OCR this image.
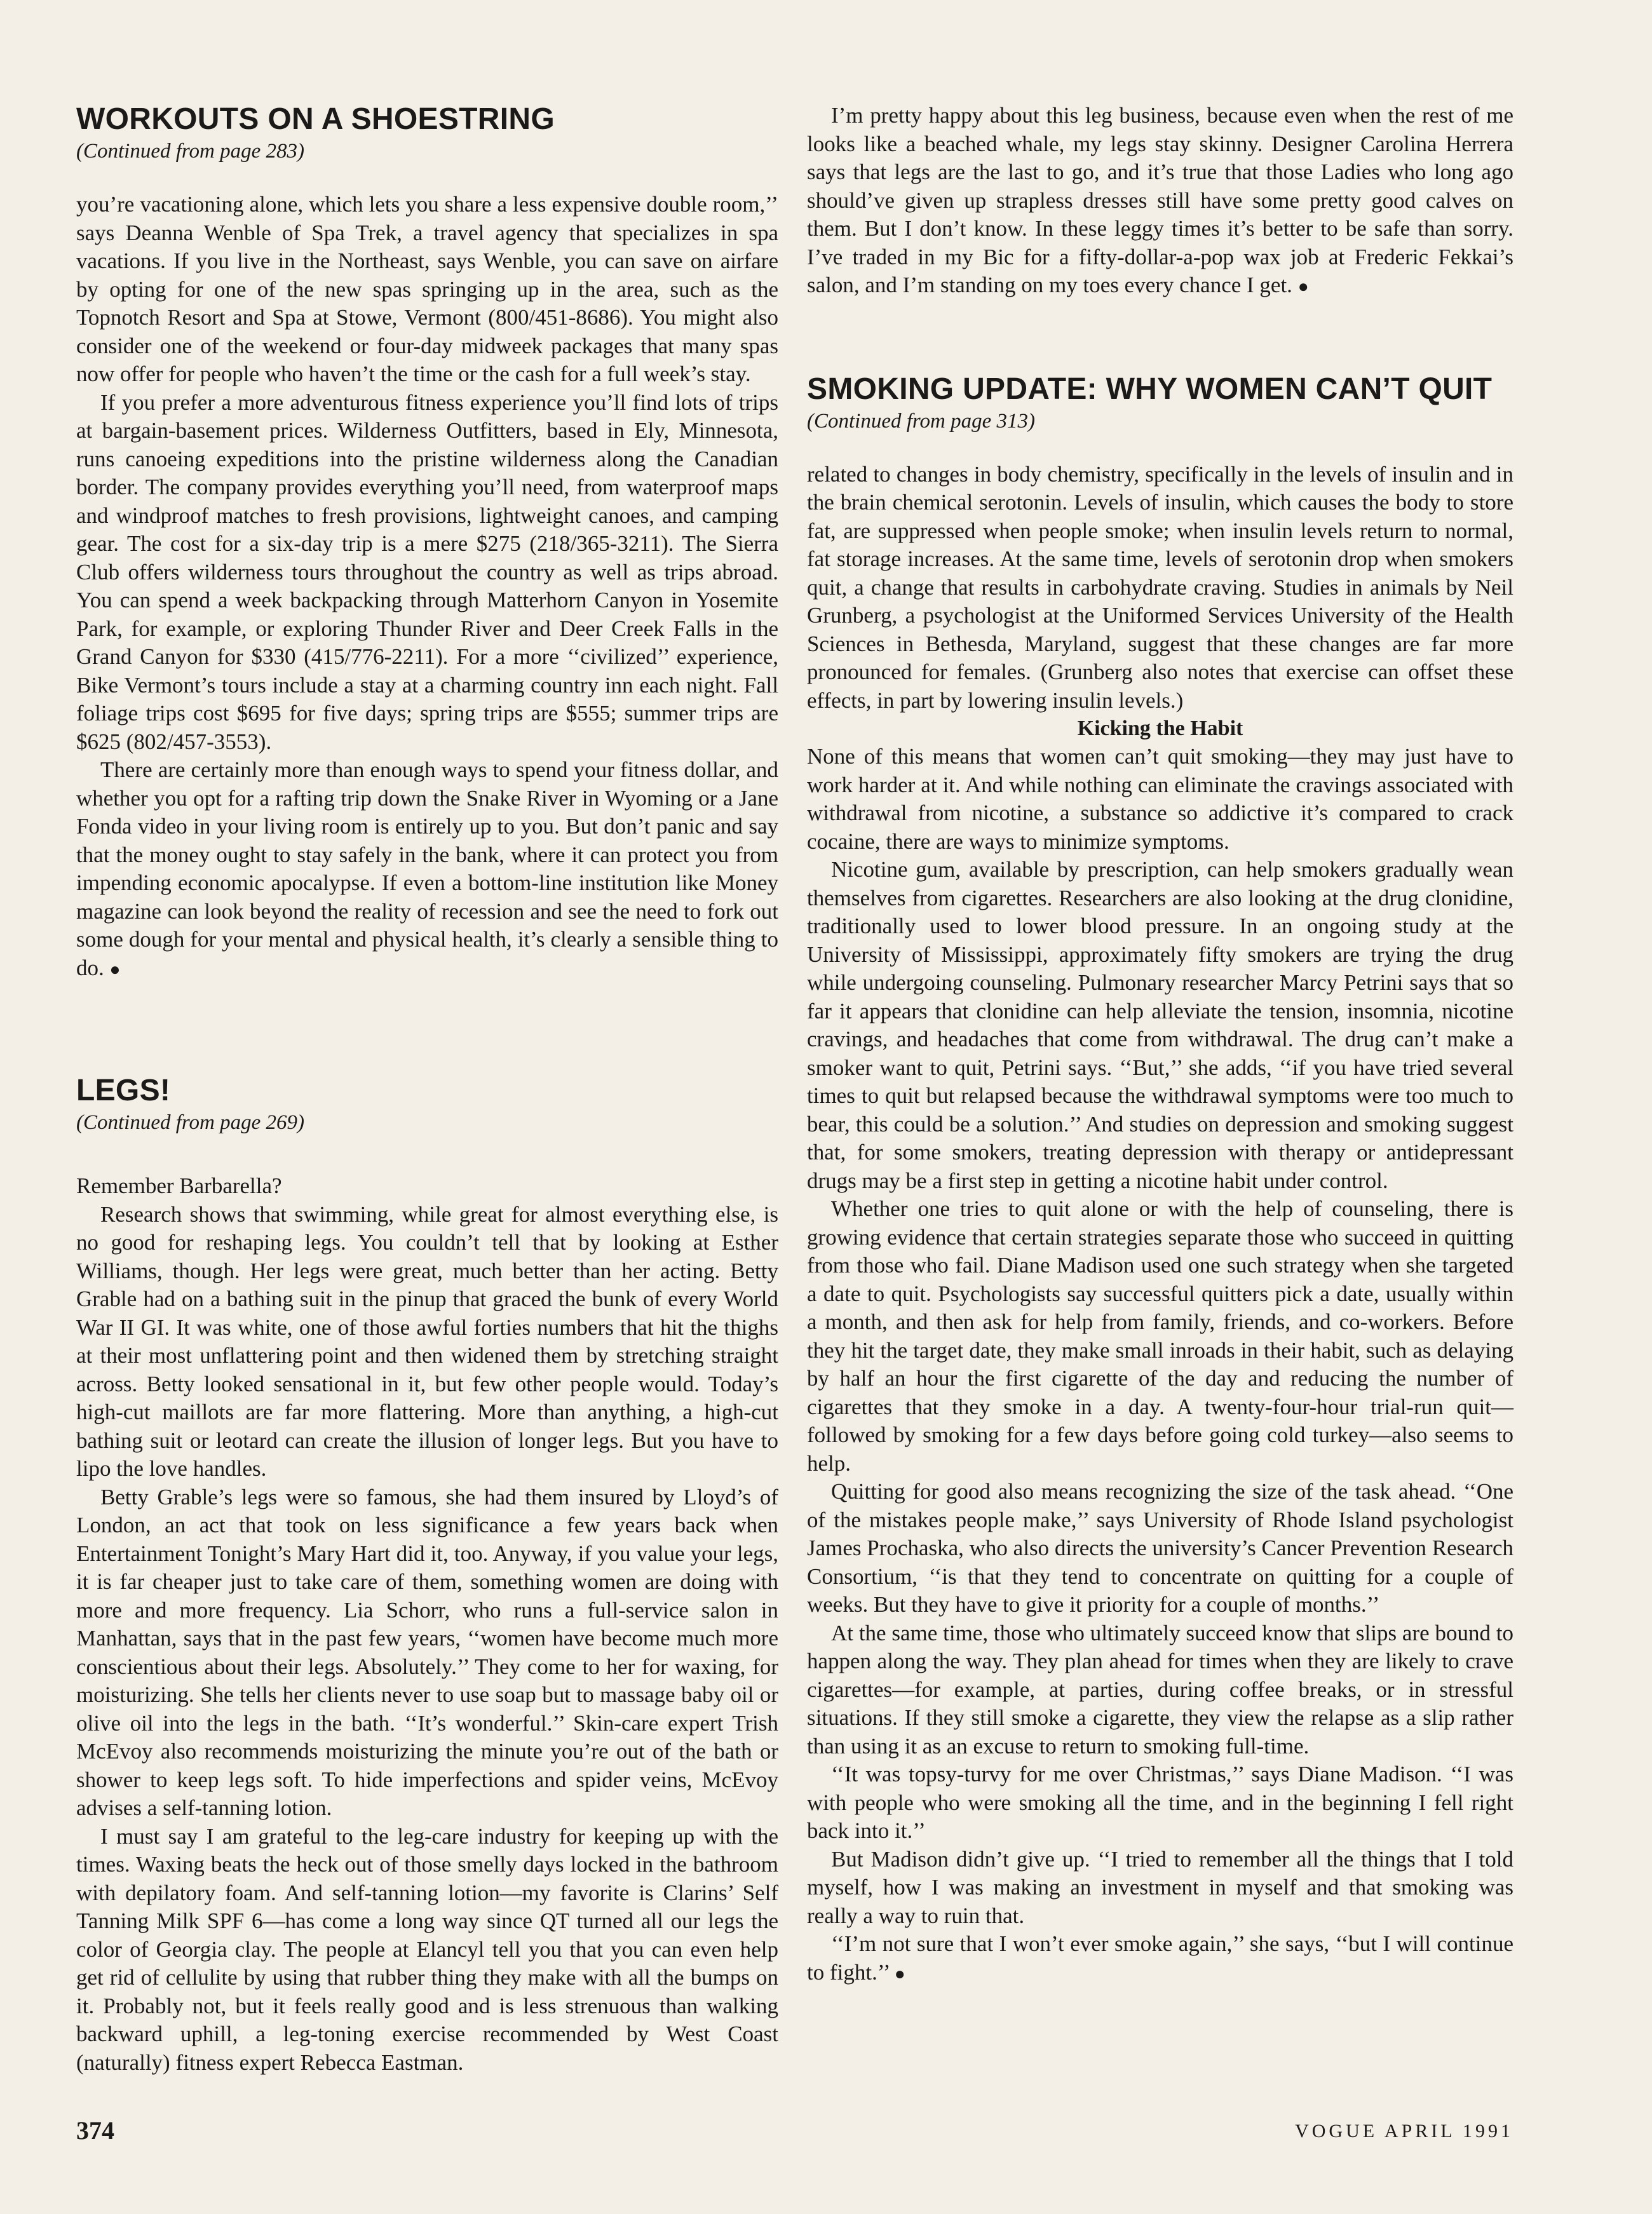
WORKOUTS ON A SHOESTRING
(Continued from page 283)

you’re vacationing alone, which lets you share a less expensive double room,’’ says Deanna Wenble of Spa Trek, a travel agency that specializes in spa vacations. If you live in the Northeast, says Wenble, you can save on airfare by opting for one of the new spas springing up in the area, such as the Topnotch Resort and Spa at Stowe, Vermont (800/451-8686). You might also consider one of the weekend or four-day midweek packages that many spas now offer for people who haven’t the time or the cash for a full week’s stay.

If you prefer a more adventurous fitness experience you’ll find lots of trips at bargain-basement prices. Wilderness Outfitters, based in Ely, Minnesota, runs canoeing expeditions into the pristine wilderness along the Canadian border. The company provides everything you’ll need, from waterproof maps and windproof matches to fresh provisions, lightweight canoes, and camping gear. The cost for a six-day trip is a mere $275 (218/365-3211). The Sierra Club offers wilderness tours throughout the country as well as trips abroad. You can spend a week backpacking through Matterhorn Canyon in Yosemite Park, for example, or exploring Thunder River and Deer Creek Falls in the Grand Canyon for $330 (415/776-2211). For a more ‘‘civilized’’ experience, Bike Vermont’s tours include a stay at a charming country inn each night. Fall foliage trips cost $695 for five days; spring trips are $555; summer trips are $625 (802/457-3553).

There are certainly more than enough ways to spend your fitness dollar, and whether you opt for a rafting trip down the Snake River in Wyoming or a Jane Fonda video in your living room is entirely up to you. But don’t panic and say that the money ought to stay safely in the bank, where it can protect you from impending economic apocalypse. If even a bottom-line institution like Money magazine can look beyond the reality of recession and see the need to fork out some dough for your mental and physical health, it’s clearly a sensible thing to do. ●

LEGS!
(Continued from page 269)

Remember Barbarella?

Research shows that swimming, while great for almost everything else, is no good for reshaping legs. You couldn’t tell that by looking at Esther Williams, though. Her legs were great, much better than her acting. Betty Grable had on a bathing suit in the pinup that graced the bunk of every World War II GI. It was white, one of those awful forties numbers that hit the thighs at their most unflattering point and then widened them by stretching straight across. Betty looked sensational in it, but few other people would. Today’s high-cut maillots are far more flattering. More than anything, a high-cut bathing suit or leotard can create the illusion of longer legs. But you have to lipo the love handles.

Betty Grable’s legs were so famous, she had them insured by Lloyd’s of London, an act that took on less significance a few years back when Entertainment Tonight’s Mary Hart did it, too. Anyway, if you value your legs, it is far cheaper just to take care of them, something women are doing with more and more frequency. Lia Schorr, who runs a full-service salon in Manhattan, says that in the past few years, ‘‘women have become much more conscientious about their legs. Absolutely.’’ They come to her for waxing, for moisturizing. She tells her clients never to use soap but to massage baby oil or olive oil into the legs in the bath. ‘‘It’s wonderful.’’ Skin-care expert Trish McEvoy also recommends moisturizing the minute you’re out of the bath or shower to keep legs soft. To hide imperfections and spider veins, McEvoy advises a self-tanning lotion.

I must say I am grateful to the leg-care industry for keeping up with the times. Waxing beats the heck out of those smelly days locked in the bathroom with depilatory foam. And self-tanning lotion—my favorite is Clarins’ Self Tanning Milk SPF 6—has come a long way since QT turned all our legs the color of Georgia clay. The people at Elancyl tell you that you can even help get rid of cellulite by using that rubber thing they make with all the bumps on it. Probably not, but it feels really good and is less strenuous than walking backward uphill, a leg-toning exercise recommended by West Coast (naturally) fitness expert Rebecca Eastman.

I’m pretty happy about this leg business, because even when the rest of me looks like a beached whale, my legs stay skinny. Designer Carolina Herrera says that legs are the last to go, and it’s true that those Ladies who long ago should’ve given up strapless dresses still have some pretty good calves on them. But I don’t know. In these leggy times it’s better to be safe than sorry. I’ve traded in my Bic for a fifty-dollar-a-pop wax job at Frederic Fekkai’s salon, and I’m standing on my toes every chance I get. ●

SMOKING UPDATE: WHY WOMEN CAN’T QUIT
(Continued from page 313)

related to changes in body chemistry, specifically in the levels of insulin and in the brain chemical serotonin. Levels of insulin, which causes the body to store fat, are suppressed when people smoke; when insulin levels return to normal, fat storage increases. At the same time, levels of serotonin drop when smokers quit, a change that results in carbohydrate craving. Studies in animals by Neil Grunberg, a psychologist at the Uniformed Services University of the Health Sciences in Bethesda, Maryland, suggest that these changes are far more pronounced for females. (Grunberg also notes that exercise can offset these effects, in part by lowering insulin levels.)

Kicking the Habit

None of this means that women can’t quit smoking—they may just have to work harder at it. And while nothing can eliminate the cravings associated with withdrawal from nicotine, a substance so addictive it’s compared to crack cocaine, there are ways to minimize symptoms.

Nicotine gum, available by prescription, can help smokers gradually wean themselves from cigarettes. Researchers are also looking at the drug clonidine, traditionally used to lower blood pressure. In an ongoing study at the University of Mississippi, approximately fifty smokers are trying the drug while undergoing counseling. Pulmonary researcher Marcy Petrini says that so far it appears that clonidine can help alleviate the tension, insomnia, nicotine cravings, and headaches that come from withdrawal. The drug can’t make a smoker want to quit, Petrini says. ‘‘But,’’ she adds, ‘‘if you have tried several times to quit but relapsed because the withdrawal symptoms were too much to bear, this could be a solution.’’ And studies on depression and smoking suggest that, for some smokers, treating depression with therapy or antidepressant drugs may be a first step in getting a nicotine habit under control.

Whether one tries to quit alone or with the help of counseling, there is growing evidence that certain strategies separate those who succeed in quitting from those who fail. Diane Madison used one such strategy when she targeted a date to quit. Psychologists say successful quitters pick a date, usually within a month, and then ask for help from family, friends, and co-workers. Before they hit the target date, they make small inroads in their habit, such as delaying by half an hour the first cigarette of the day and reducing the number of cigarettes that they smoke in a day. A twenty-four-hour trial-run quit—followed by smoking for a few days before going cold turkey—also seems to help.

Quitting for good also means recognizing the size of the task ahead. ‘‘One of the mistakes people make,’’ says University of Rhode Island psychologist James Prochaska, who also directs the university’s Cancer Prevention Research Consortium, ‘‘is that they tend to concentrate on quitting for a couple of weeks. But they have to give it priority for a couple of months.’’

At the same time, those who ultimately succeed know that slips are bound to happen along the way. They plan ahead for times when they are likely to crave cigarettes—for example, at parties, during coffee breaks, or in stressful situations. If they still smoke a cigarette, they view the relapse as a slip rather than using it as an excuse to return to smoking full-time.

‘‘It was topsy-turvy for me over Christmas,’’ says Diane Madison. ‘‘I was with people who were smoking all the time, and in the beginning I fell right back into it.’’

But Madison didn’t give up. ‘‘I tried to remember all the things that I told myself, how I was making an investment in myself and that smoking was really a way to ruin that.

‘‘I’m not sure that I won’t ever smoke again,’’ she says, ‘‘but I will continue to fight.’’ ●

374	VOGUE APRIL 1991
